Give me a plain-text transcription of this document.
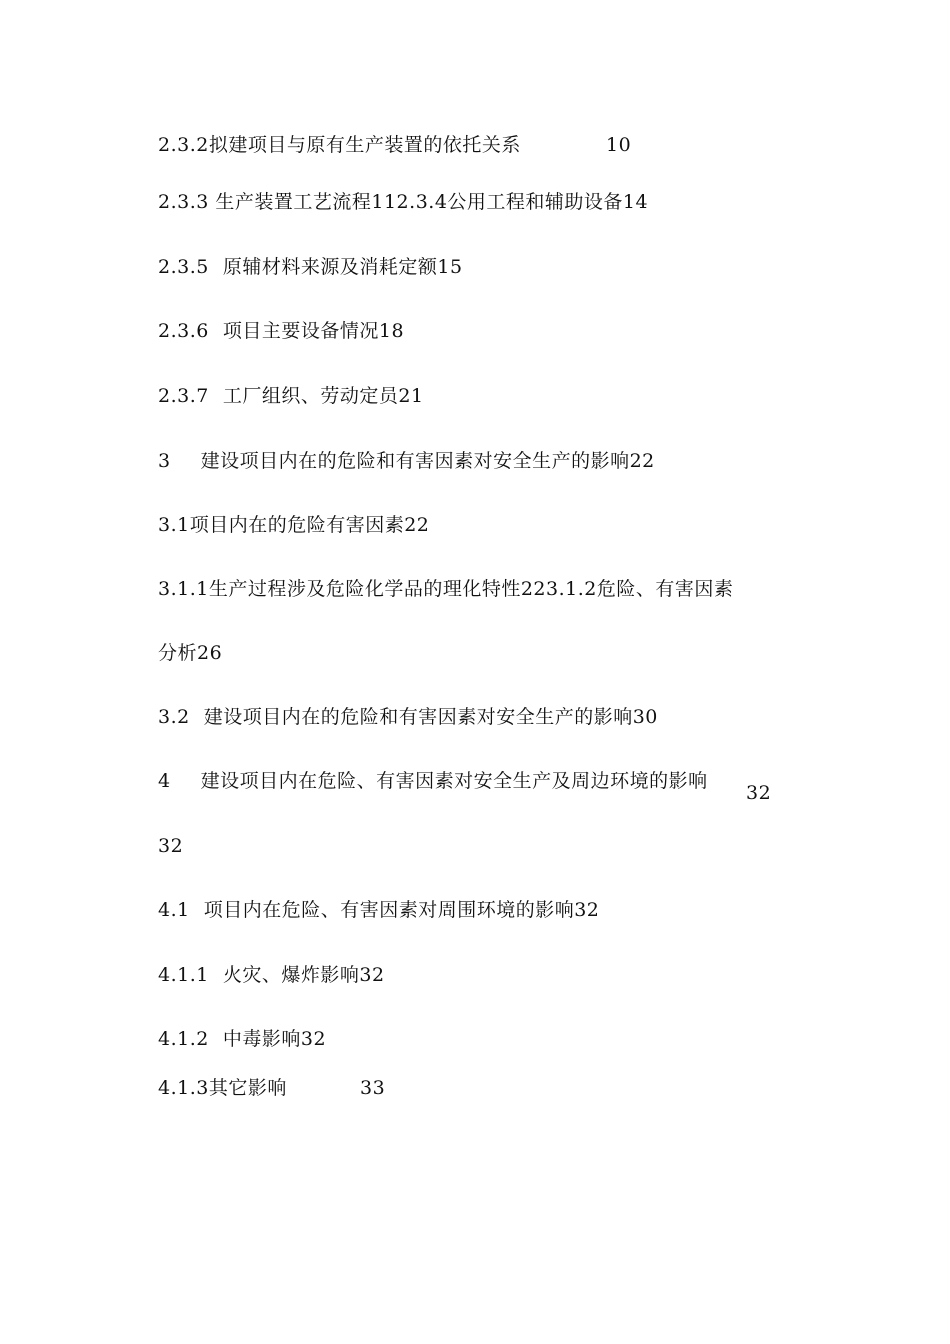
2.3.2拟建项目与原有生产装置的依托关系	10
2.3.3 生产装置工艺流程112.3.4公用工程和辅助设备14
2.3.5 原辅材料来源及消耗定额15
2.3.6 项目主要设备情况18
2.3.7 工厂组织、劳动定员21
3 建设项目内在的危险和有害因素对安全生产的影响22
3.1项目内在的危险有害因素22
3.1.1生产过程涉及危险化学品的理化特性223.1.2危险、有害因素
分析26
3.2 建设项目内在的危险和有害因素对安全生产的影响30
4 建设项目内在危险、有害因素对安全生产及周边环境的影响
32
32
4.1 项目内在危险、有害因素对周围环境的影响32
4.1.1 火灾、爆炸影响32
4.1.2 中毒影响32
4.1.3其它影响	33
